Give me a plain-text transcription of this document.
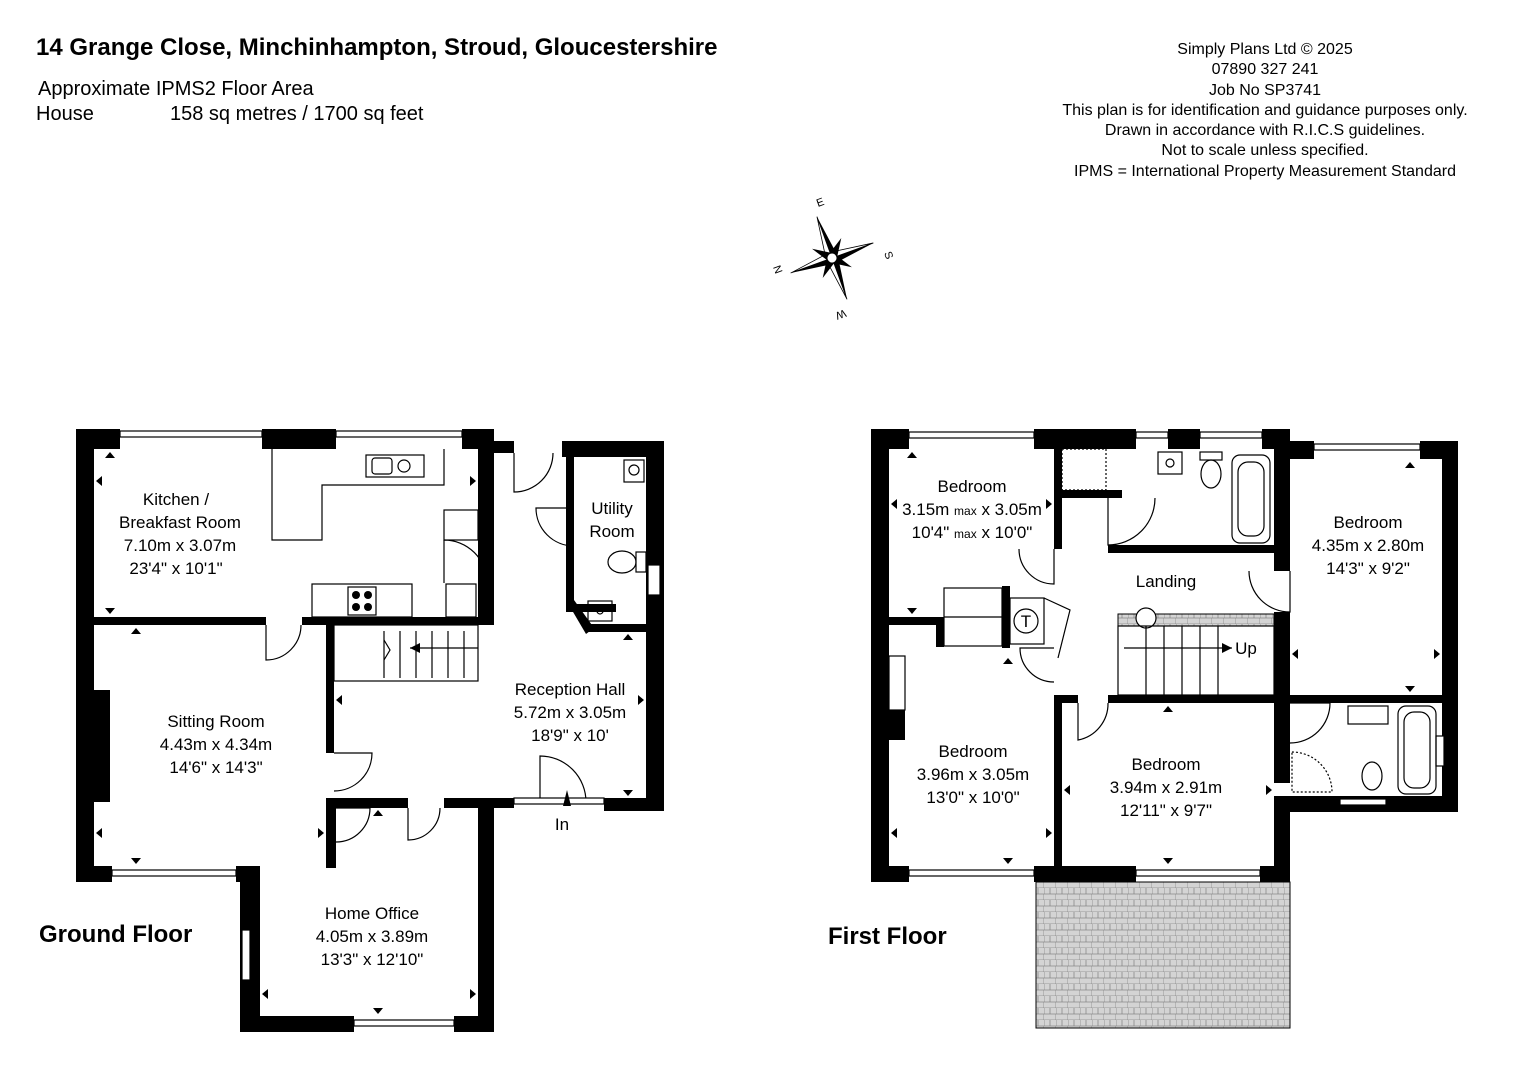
14 Grange Close, Minchinhampton, Stroud, Gloucestershire
Approximate IPMS2 Floor Area
House	158 sq metres / 1700 sq feet
Simply Plans Ltd © 2025
07890 327 241
Job No SP3741
This plan is for identification and guidance purposes only.
Drawn in accordance with R.I.C.S guidelines.
Not to scale unless specified.
IPMS = International Property Measurement Standard
E
S
N
W
Kitchen /
Breakfast Room
7.10m x 3.07m
23'4" x 10'1"
Utility
Room
Sitting Room
4.43m x 4.34m
14'6" x 14'3"
Reception Hall
5.72m x 3.05m
18'9" x 10'
Home Office
4.05m x 3.89m
13'3" x 12'10"
In
Ground Floor
T
Up
Bedroom
3.15m max x 3.05m
10'4" max x 10'0"
Bedroom
4.35m x 2.80m
14'3" x 9'2"
Landing
Bedroom
3.96m x 3.05m
13'0" x 10'0"
Bedroom
3.94m x 2.91m
12'11" x 9'7"
First Floor
